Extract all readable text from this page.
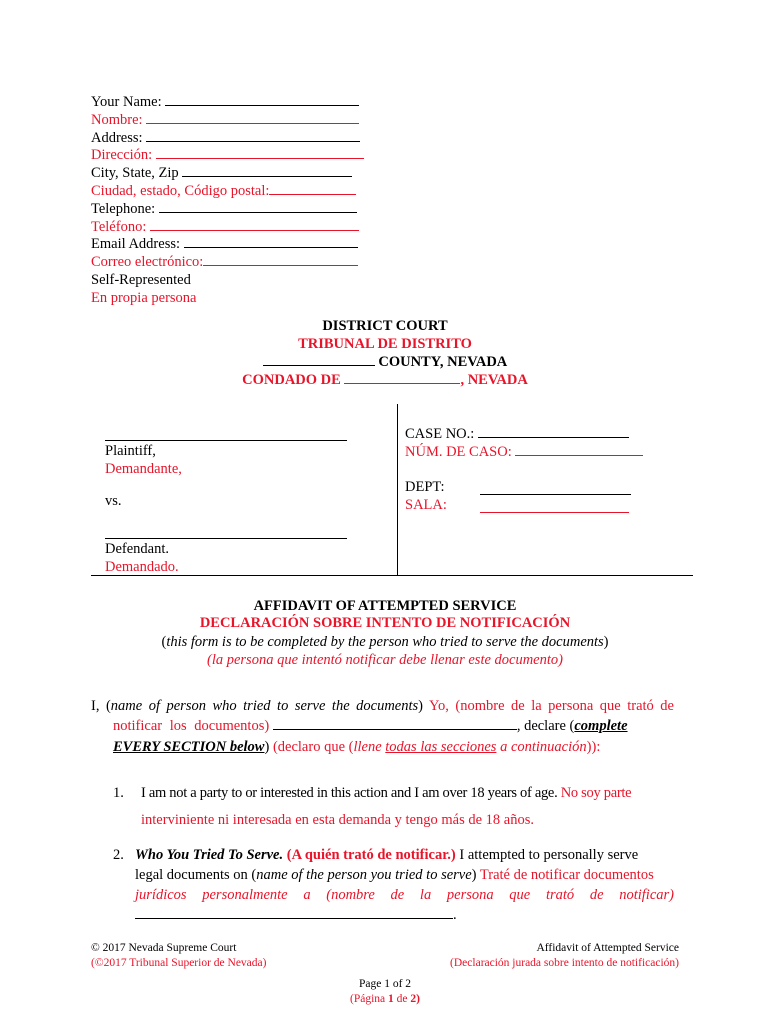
Your Name:
Nombre:
Address:
Dirección:
City, State, Zip
Ciudad, estado, Código postal:
Telephone:
Teléfono:
Email Address:
Correo electrónico:
Self-Represented
En propia persona
DISTRICT COURT
TRIBUNAL DE DISTRITO
COUNTY, NEVADA
CONDADO DE	, NEVADA
Plaintiff,
Demandante,
vs.
Defendant.
Demandado.
CASE NO.:
NÚM. DE CASO:
DEPT:
SALA:
AFFIDAVIT OF ATTEMPTED SERVICE
DECLARACIÓN SOBRE INTENTO DE NOTIFICACIÓN
(this form is to be completed by the person who tried to serve the documents)
(la persona que intentó notificar debe llenar este documento)
I, (name of person who tried to serve the documents) Yo, (nombre de la persona que trató de
notificar los documentos)	, declare (complete
EVERY SECTION below) (declaro que (llene todas las secciones a continuación)):
1. I am not a party to or interested in this action and I am over 18 years of age. No soy parte
interviniente ni interesada en esta demanda y tengo más de 18 años.
2. Who You Tried To Serve. (A quién trató de notificar.) I attempted to personally serve
legal documents on (name of the person you tried to serve) Traté de notificar documentos
jurídicos personalmente a (nombre de la persona que trató de notificar)
.
© 2017 Nevada Supreme Court
(©2017 Tribunal Superior de Nevada)
Affidavit of Attempted Service
(Declaración jurada sobre intento de notificación)
Page 1 of 2
(Página 1 de 2)
